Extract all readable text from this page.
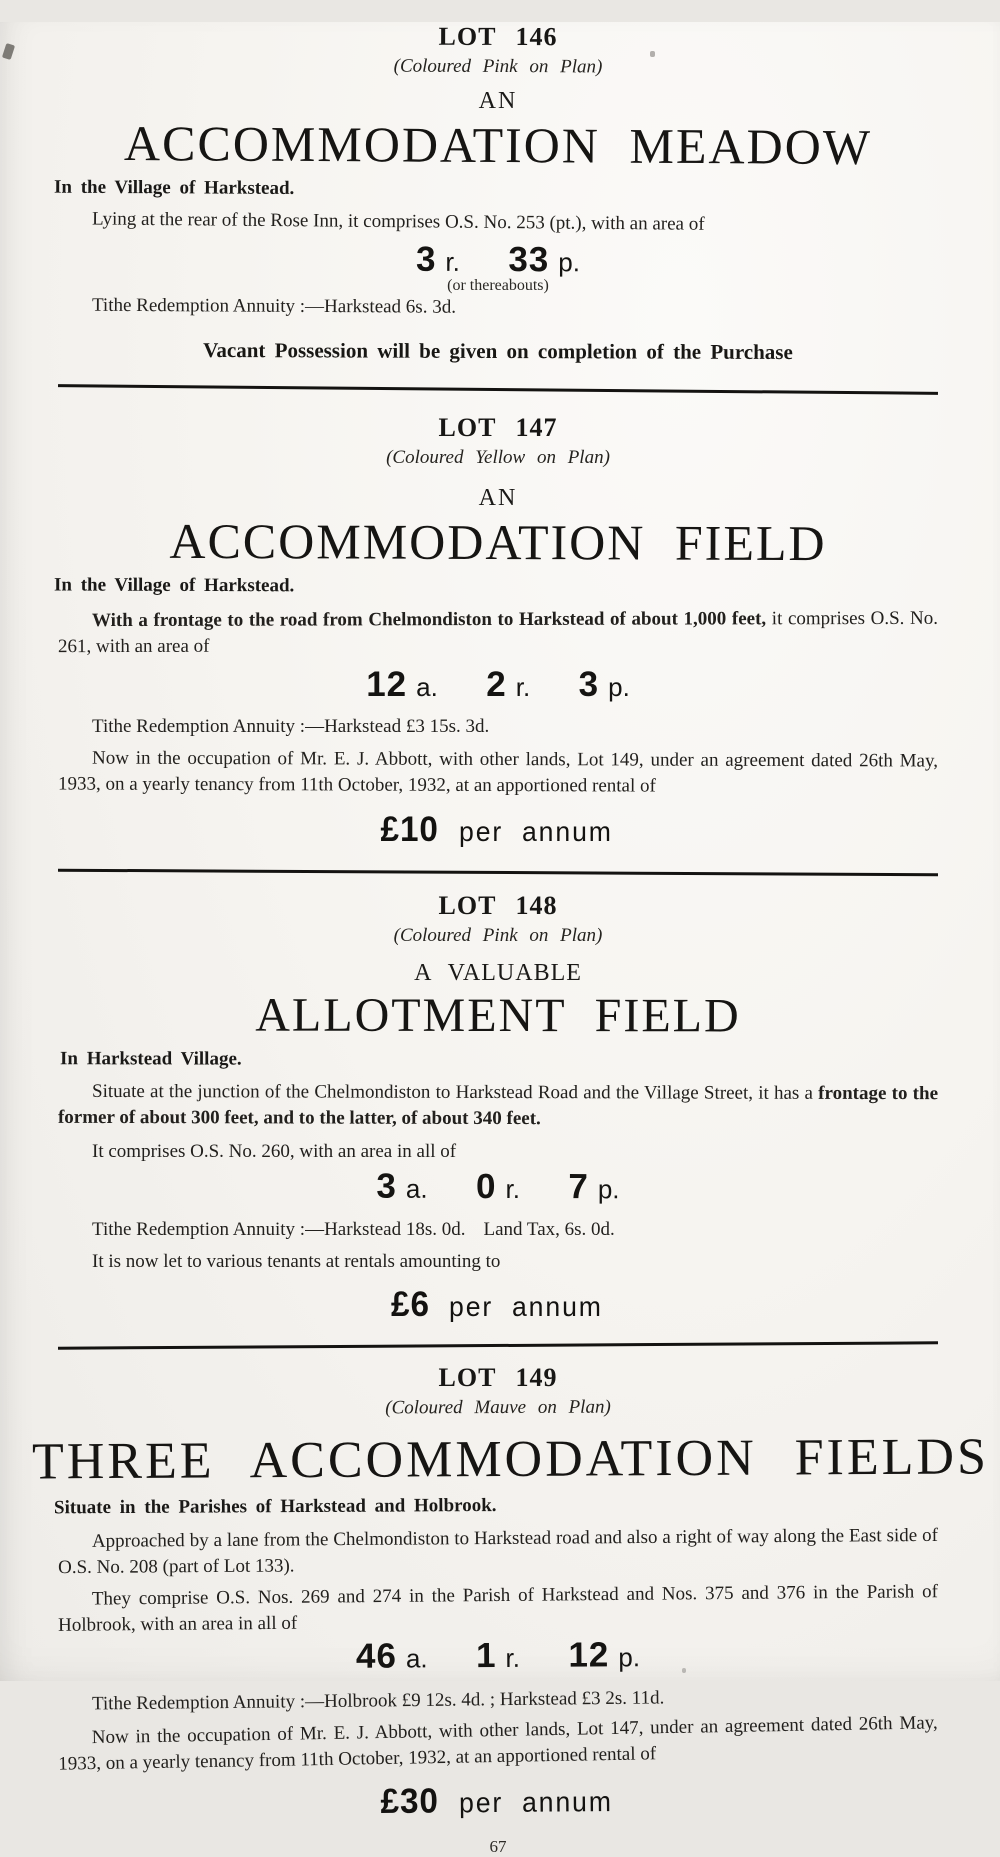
LOT 146
(Coloured Pink on Plan)
AN
ACCOMMODATION MEADOW
In the Village of Harkstead.

Lying at the rear of the Rose Inn, it comprises O.S. No. 253 (pt.), with an area of

3 r. 33 p.
(or thereabouts)
Tithe Redemption Annuity :—Harkstead 6s. 3d.
Vacant Possession will be given on completion of the Purchase
LOT 147
(Coloured Yellow on Plan)
AN
ACCOMMODATION FIELD
In the Village of Harkstead.

With a frontage to the road from Chelmondiston to Harkstead of about 1,000 feet, it comprises O.S. No. 261, with an area of

12 a. 2 r. 3 p.
Tithe Redemption Annuity :—Harkstead £3 15s. 3d.

Now in the occupation of Mr. E. J. Abbott, with other lands, Lot 149, under an agreement dated 26th May, 1933, on a yearly tenancy from 11th October, 1932, at an apportioned rental of

£10 per annum
LOT 148
(Coloured Pink on Plan)
A VALUABLE
ALLOTMENT FIELD
In Harkstead Village.

Situate at the junction of the Chelmondiston to Harkstead Road and the Village Street, it has a frontage to the former of about 300 feet, and to the latter, of about 340 feet.

It comprises O.S. No. 260, with an area in all of

3 a. 0 r. 7 p.
Tithe Redemption Annuity :—Harkstead 18s. 0d. Land Tax, 6s. 0d.

It is now let to various tenants at rentals amounting to

£6 per annum
LOT 149
(Coloured Mauve on Plan)
THREE ACCOMMODATION FIELDS
Situate in the Parishes of Harkstead and Holbrook.

Approached by a lane from the Chelmondiston to Harkstead road and also a right of way along the East side of O.S. No. 208 (part of Lot 133).

They comprise O.S. Nos. 269 and 274 in the Parish of Harkstead and Nos. 375 and 376 in the Parish of Holbrook, with an area in all of

46 a. 1 r. 12 p.
Tithe Redemption Annuity :—Holbrook £9 12s. 4d. ; Harkstead £3 2s. 11d.

Now in the occupation of Mr. E. J. Abbott, with other lands, Lot 147, under an agreement dated 26th May, 1933, on a yearly tenancy from 11th October, 1932, at an apportioned rental of

£30 per annum
67
